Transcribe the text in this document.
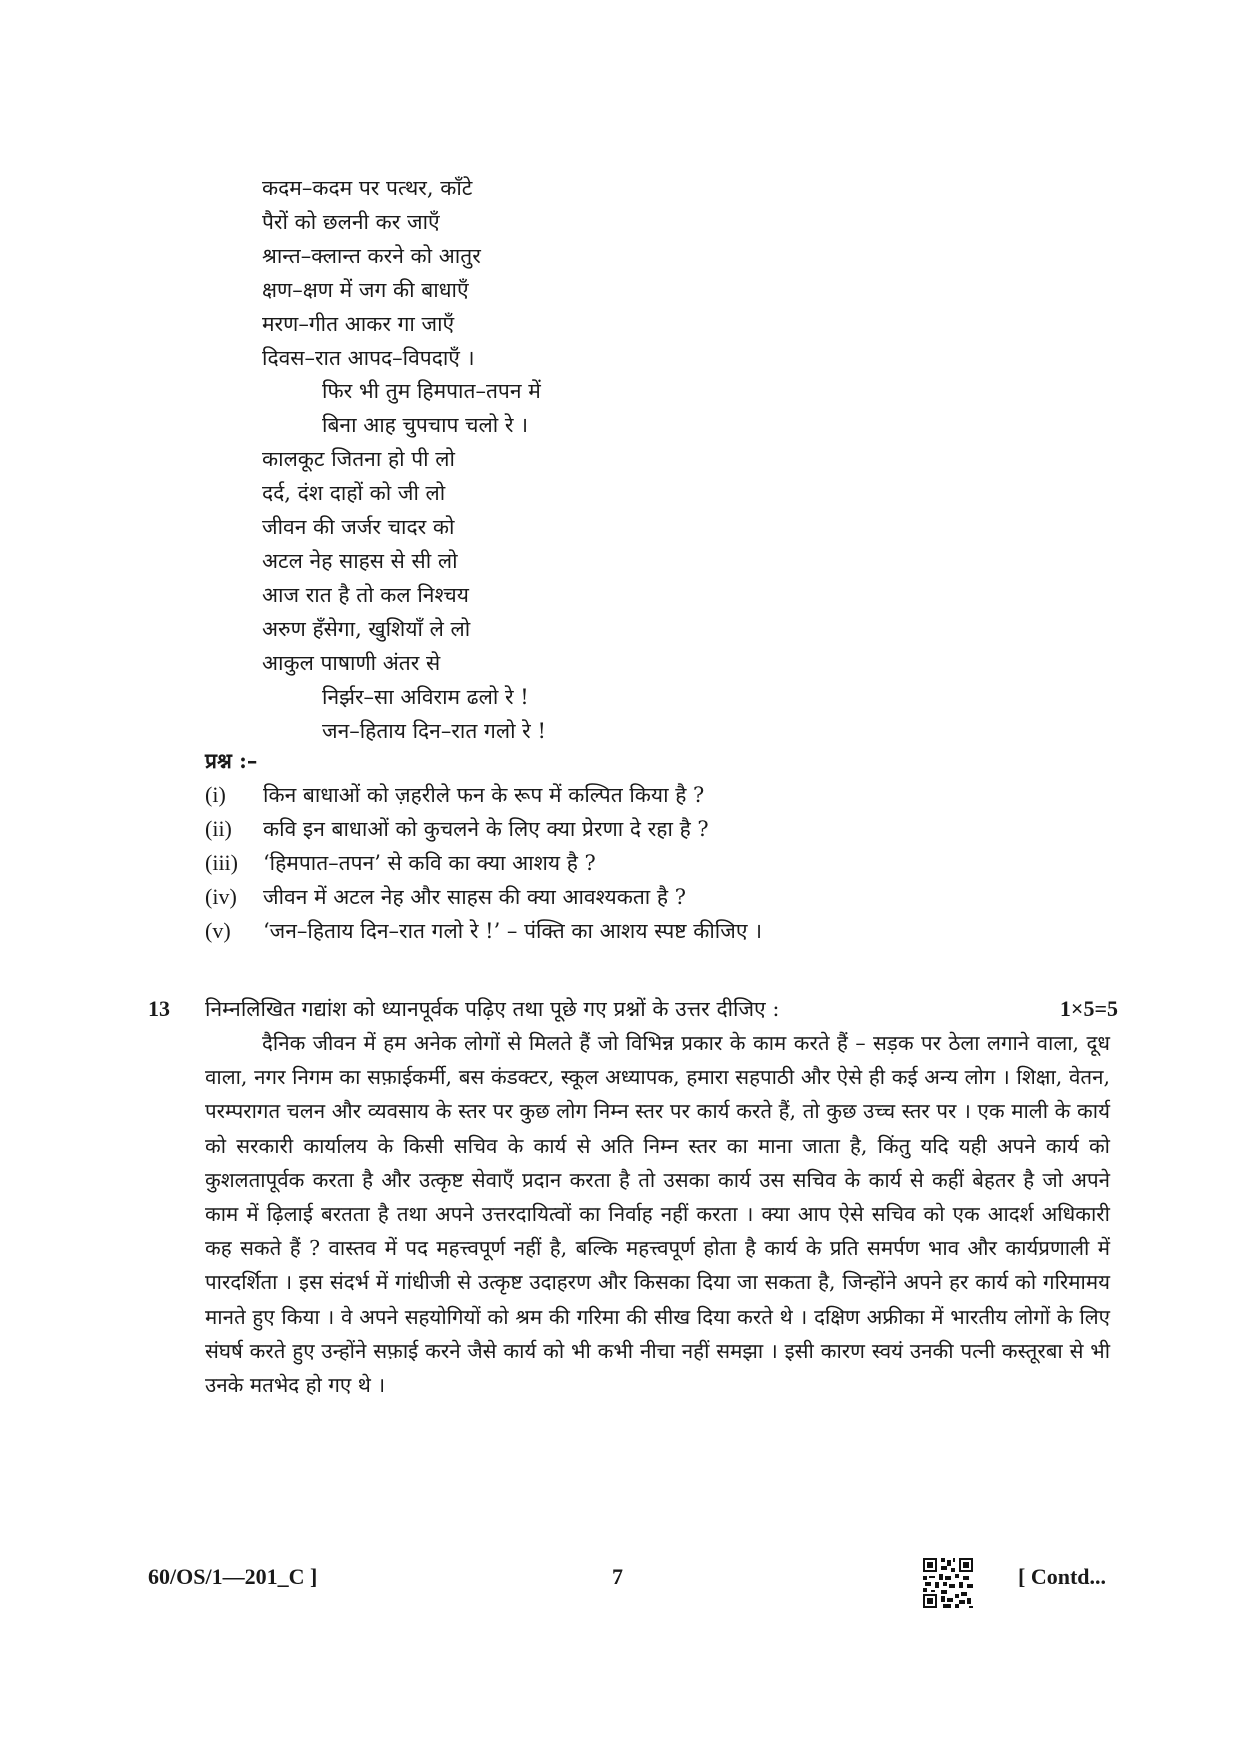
कदम–कदम पर पत्थर, काँटे
पैरों को छलनी कर जाएँ
श्रान्त–क्लान्त करने को आतुर
क्षण–क्षण में जग की बाधाएँ
मरण–गीत आकर गा जाएँ
दिवस–रात आपद–विपदाएँ ।
फिर भी तुम हिमपात–तपन में
बिना आह चुपचाप चलो रे ।
कालकूट जितना हो पी लो
दर्द, दंश दाहों को जी लो
जीवन की जर्जर चादर को
अटल नेह साहस से सी लो
आज रात है तो कल निश्चय
अरुण हँसेगा, खुशियाँ ले लो
आकुल पाषाणी अंतर से
निर्झर–सा अविराम ढलो रे !
जन–हिताय दिन–रात गलो रे !
प्रश्न :–
(i)	किन बाधाओं को ज़हरीले फन के रूप में कल्पित किया है ?
(ii)	कवि इन बाधाओं को कुचलने के लिए क्या प्रेरणा दे रहा है ?
(iii)	‘हिमपात–तपन’ से कवि का क्या आशय है ?
(iv)	जीवन में अटल नेह और साहस की क्या आवश्यकता है ?
(v)	‘जन–हिताय दिन–रात गलो रे !’ – पंक्ति का आशय स्पष्ट कीजिए ।
13	निम्नलिखित गद्यांश को ध्यानपूर्वक पढ़िए तथा पूछे गए प्रश्नों के उत्तर दीजिए :	1×5=5
दैनिक जीवन में हम अनेक लोगों से मिलते हैं जो विभिन्न प्रकार के काम करते हैं – सड़क पर ठेला लगाने वाला, दूध वाला, नगर निगम का सफ़ाईकर्मी, बस कंडक्टर, स्कूल अध्यापक, हमारा सहपाठी और ऐसे ही कई अन्य लोग । शिक्षा, वेतन, परम्परागत चलन और व्यवसाय के स्तर पर कुछ लोग निम्न स्तर पर कार्य करते हैं, तो कुछ उच्च स्तर पर । एक माली के कार्य को सरकारी कार्यालय के किसी सचिव के कार्य से अति निम्न स्तर का माना जाता है, किंतु यदि यही अपने कार्य को कुशलतापूर्वक करता है और उत्कृष्ट सेवाएँ प्रदान करता है तो उसका कार्य उस सचिव के कार्य से कहीं बेहतर है जो अपने काम में ढ़िलाई बरतता है तथा अपने उत्तरदायित्वों का निर्वाह नहीं करता । क्या आप ऐसे सचिव को एक आदर्श अधिकारी कह सकते हैं ? वास्तव में पद महत्त्वपूर्ण नहीं है, बल्कि महत्त्वपूर्ण होता है कार्य के प्रति समर्पण भाव और कार्यप्रणाली में पारदर्शिता । इस संदर्भ में गांधीजी से उत्कृष्ट उदाहरण और किसका दिया जा सकता है, जिन्होंने अपने हर कार्य को गरिमामय मानते हुए किया । वे अपने सहयोगियों को श्रम की गरिमा की सीख दिया करते थे । दक्षिण अफ्रीका में भारतीय लोगों के लिए संघर्ष करते हुए उन्होंने सफ़ाई करने जैसे कार्य को भी कभी नीचा नहीं समझा । इसी कारण स्वयं उनकी पत्नी कस्तूरबा से भी उनके मतभेद हो गए थे ।
60/OS/1—201_C ]	7	[ Contd...
